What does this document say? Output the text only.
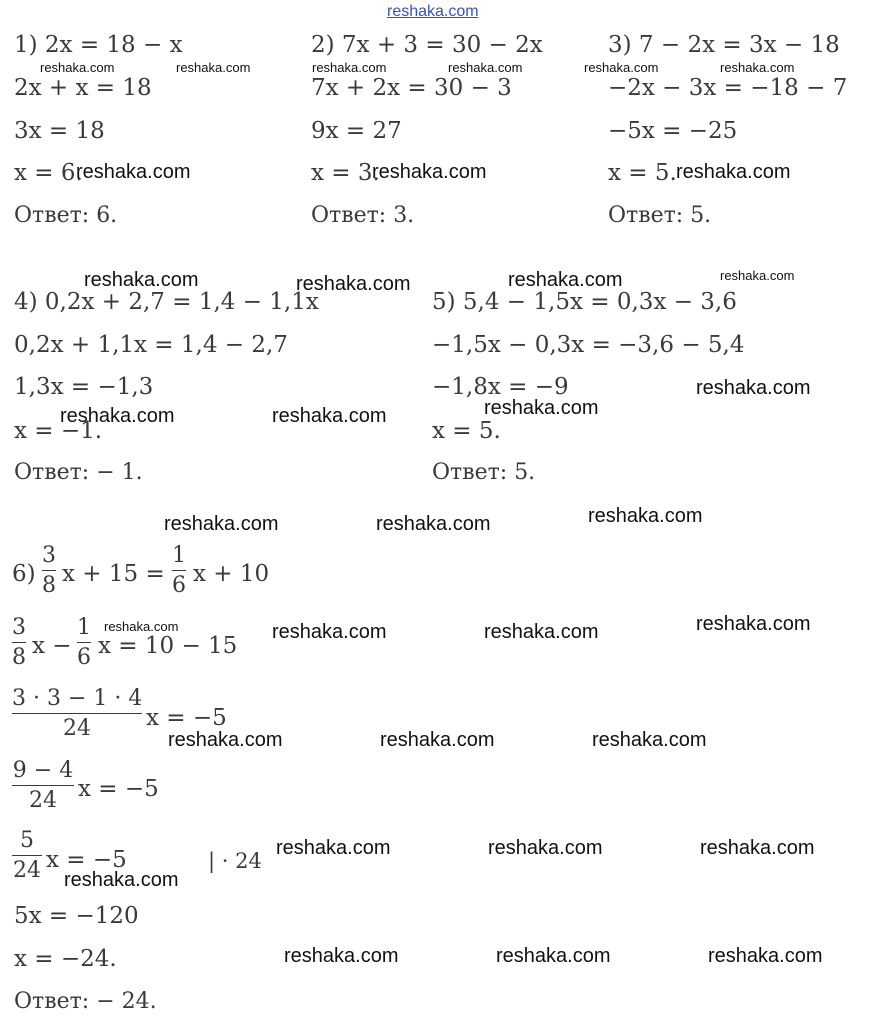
reshaka.com
1) 2x = 18 − x
2x + x = 18
3x = 18
x = 6.
Ответ: 6.
2) 7x + 3 = 30 − 2x
7x + 2x = 30 − 3
9x = 27
x = 3.
Ответ: 3.
3) 7 − 2x = 3x − 18
−2x − 3x = −18 − 7
−5x = −25
x = 5.
Ответ: 5.
4) 0,2x + 2,7 = 1,4 − 1,1x
0,2x + 1,1x = 1,4 − 2,7
1,3x = −1,3
x = −1.
Ответ: − 1.
5) 5,4 − 1,5x = 0,3x − 3,6
−1,5x − 0,3x = −3,6 − 5,4
−1,8x = −9
x = 5.
Ответ: 5.
6)
3
8 x + 15 =
1
6 x + 10
3
8 x −
1
6 x = 10 − 15
3 · 3 − 1 · 4
24	x = −5
9 − 4
24 x = −5
5
24 x = −5	| · 24
5x = −120
x = −24.
Ответ: − 24.
reshaka.com	reshaka.com	reshaka.com	reshaka.com	reshaka.com	reshaka.com
reshaka.com
reshaka.com
reshaka.com	reshaka.com	reshaka.com
reshaka.com	reshaka.com	reshaka.com
reshaka.com
reshaka.com
reshaka.com	reshaka.com
reshaka.com	reshaka.com	reshaka.com
reshaka.com	reshaka.com	reshaka.com
reshaka.com	reshaka.com	reshaka.com
reshaka.com	reshaka.com	reshaka.com
reshaka.com
reshaka.com	reshaka.com	reshaka.com
